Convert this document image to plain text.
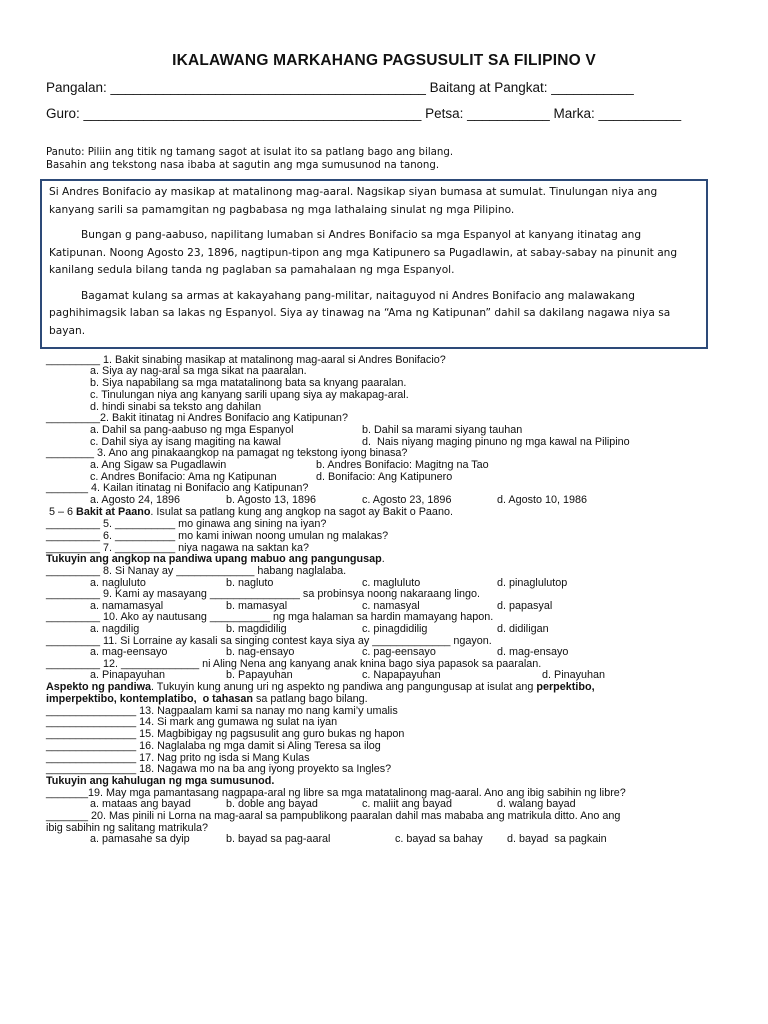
IKALAWANG MARKAHANG PAGSUSULIT SA FILIPINO V
Pangalan: __________________________________________ Baitang at Pangkat: ___________
Guro: _____________________________________________ Petsa: ___________ Marka: ___________
Panuto: Piliin ang titik ng tamang sagot at isulat ito sa patlang bago ang bilang.
Basahin ang tekstong nasa ibaba at sagutin ang mga sumusunod na tanong.

Si Andres Bonifacio ay masikap at matalinong mag-aaral. Nagsikap siyan bumasa at sumulat. Tinulungan niya ang kanyang sarili sa pamamgitan ng pagbabasa ng mga lathalaing sinulat ng mga Pilipino.

Bungan g pang-aabuso, napilitang lumaban si Andres Bonifacio sa mga Espanyol at kanyang itinatag ang Katipunan. Noong Agosto 23, 1896, nagtipun-tipon ang mga Katipunero sa Pugadlawin, at sabay-sabay na pinunit ang kanilang sedula bilang tanda ng paglaban sa pamahalaan ng mga Espanyol.

Bagamat kulang sa armas at kakayahang pang-militar, naitaguyod ni Andres Bonifacio ang malawakang paghihimagsik laban sa lakas ng Espanyol. Siya ay tinawag na “Ama ng Katipunan” dahil sa dakilang nagawa niya sa bayan.

_________ 1. Bakit sinabing masikap at matalinong mag-aaral si Andres Bonifacio?
a. Siya ay nag-aral sa mga sikat na paaralan.
b. Siya napabilang sa mga matatalinong bata sa knyang paaralan.
c. Tinulungan niya ang kanyang sarili upang siya ay makapag-aral.
d. hindi sinabi sa teksto ang dahilan
_________2. Bakit itinatag ni Andres Bonifacio ang Katipunan?
a. Dahil sa pang-aabuso ng mga Espanyol	b. Dahil sa marami siyang tauhan
c. Dahil siya ay isang magiting na kawal	d.  Nais niyang maging pinuno ng mga kawal na Pilipino
________ 3. Ano ang pinakaangkop na pamagat ng tekstong iyong binasa?
a. Ang Sigaw sa Pugadlawin	b. Andres Bonifacio: Magitng na Tao
c. Andres Bonifacio: Ama ng Katipunan	d. Bonifacio: Ang Katipunero
_______ 4. Kailan itinatag ni Bonifacio ang Katipunan?
a. Agosto 24, 1896	b. Agosto 13, 1896	c. Agosto 23, 1896	d. Agosto 10, 1986
5 – 6 Bakit at Paano. Isulat sa patlang kung ang angkop na sagot ay Bakit o Paano.
_________ 5. __________ mo ginawa ang sining na iyan?
_________ 6. __________ mo kami iniwan noong umulan ng malakas?
_________ 7. __________ niya nagawa na saktan ka?
Tukuyin ang angkop na pandiwa upang mabuo ang pangungusap.
_________ 8. Si Nanay ay _____________ habang naglalaba.
a. nagluluto	b. nagluto	c. magluluto	d. pinaglulutop
_________ 9. Kami ay masayang _______________ sa probinsya noong nakaraang lingo.
a. namamasyal	b. mamasyal	c. namasyal	d. papasyal
_________ 10. Ako ay nautusang __________ ng mga halaman sa hardin mamayang hapon.
a. nagdilig	b. magdidilig	c. pinagdidilig	d. didiligan
_________ 11. Si Lorraine ay kasali sa singing contest kaya siya ay _____________ ngayon.
a. mag-eensayo	b. nag-ensayo	c. pag-eensayo	d. mag-ensayo
_________ 12. _____________ ni Aling Nena ang kanyang anak knina bago siya papasok sa paaralan.
a. Pinapayuhan	b. Papayuhan	c. Napapayuhan	d. Pinayuhan
Aspekto ng pandiwa. Tukuyin kung anung uri ng aspekto ng pandiwa ang pangungusap at isulat ang perpektibo,
imperpektibo, kontemplatibo,  o tahasan sa patlang bago bilang.
_______________ 13. Nagpaalam kami sa nanay mo nang kami’y umalis
_______________ 14. Si mark ang gumawa ng sulat na iyan
_______________ 15. Magbibigay ng pagsusulit ang guro bukas ng hapon
_______________ 16. Naglalaba ng mga damit si Aling Teresa sa ilog
_______________ 17. Nag prito ng isda si Mang Kulas
_______________ 18. Nagawa mo na ba ang iyong proyekto sa Ingles?
Tukuyin ang kahulugan ng mga sumusunod.
_______19. May mga pamantasang nagpapa-aral ng libre sa mga matatalinong mag-aaral. Ano ang ibig sabihin ng libre?
a. mataas ang bayad	b. doble ang bayad	c. maliit ang bayad	d. walang bayad
_______ 20. Mas pinili ni Lorna na mag-aaral sa pampublikong paaralan dahil mas mababa ang matrikula ditto. Ano ang
ibig sabihin ng salitang matrikula?
a. pamasahe sa dyip	b. bayad sa pag-aaral	c. bayad sa bahay d. bayad  sa pagkain
